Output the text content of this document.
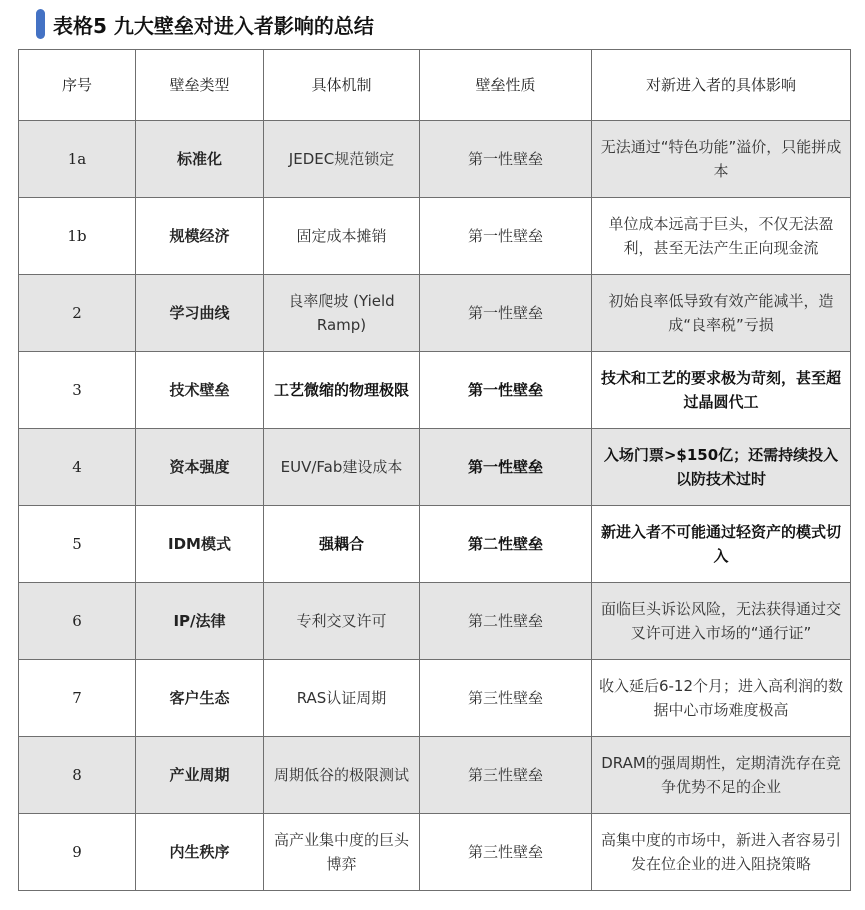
表格5 九大壁垒对进入者影响的总结
序号	壁垒类型	具体机制	壁垒性质	对新进入者的具体影响
1a	标准化	JEDEC规范锁定	第一性壁垒	无法通过“特色功能”溢价，只能拼成本
1b	规模经济	固定成本摊销	第一性壁垒	单位成本远高于巨头，不仅无法盈利，甚至无法产生正向现金流
2	学习曲线	良率爬坡 (Yield Ramp)	第一性壁垒	初始良率低导致有效产能减半，造成“良率税”亏损
3	技术壁垒	工艺微缩的物理极限	第一性壁垒	技术和工艺的要求极为苛刻，甚至超过晶圆代工
4	资本强度	EUV/Fab建设成本	第一性壁垒	入场门票>$150亿；还需持续投入以防技术过时
5	IDM模式	强耦合	第二性壁垒	新进入者不可能通过轻资产的模式切入
6	IP/法律	专利交叉许可	第二性壁垒	面临巨头诉讼风险，无法获得通过交叉许可进入市场的“通行证”
7	客户生态	RAS认证周期	第三性壁垒	收入延后6-12个月；进入高利润的数据中心市场难度极高
8	产业周期	周期低谷的极限测试	第三性壁垒	DRAM的强周期性，定期清洗存在竞争优势不足的企业
9	内生秩序	高产业集中度的巨头博弈	第三性壁垒	高集中度的市场中，新进入者容易引发在位企业的进入阻挠策略
